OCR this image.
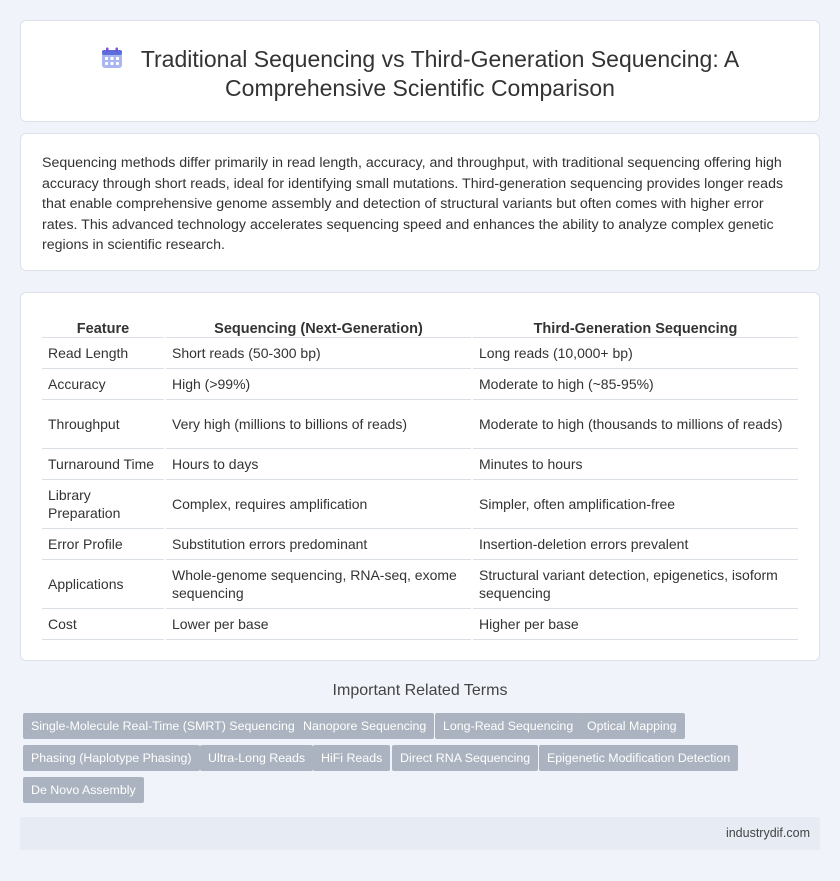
Traditional Sequencing vs Third-Generation Sequencing: A
Comprehensive Scientific Comparison

Sequencing methods differ primarily in read length, accuracy, and throughput, with traditional sequencing offering high accuracy through short reads, ideal for identifying small mutations. Third-generation sequencing provides longer reads that enable comprehensive genome assembly and detection of structural variants but often comes with higher error rates. This advanced technology accelerates sequencing speed and enhances the ability to analyze complex genetic regions in scientific research.

Feature	Sequencing (Next-Generation)	Third-Generation Sequencing
Read Length	Short reads (50-300 bp)	Long reads (10,000+ bp)
Accuracy	High (>99%)	Moderate to high (~85-95%)
Throughput	Very high (millions to billions of reads)	Moderate to high (thousands to millions of reads)
Turnaround Time	Hours to days	Minutes to hours
Library Preparation	Complex, requires amplification	Simpler, often amplification-free
Error Profile	Substitution errors predominant	Insertion-deletion errors prevalent
Applications	Whole-genome sequencing, RNA-seq, exome sequencing	Structural variant detection, epigenetics, isoform sequencing
Cost	Lower per base	Higher per base
Important Related Terms
Single-Molecule Real-Time (SMRT) Sequencing Nanopore Sequencing	Long-Read Sequencing	Optical Mapping
Phasing (Haplotype Phasing)	Ultra-Long Reads	HiFi Reads	Direct RNA Sequencing	Epigenetic Modification Detection
De Novo Assembly
industrydif.com
